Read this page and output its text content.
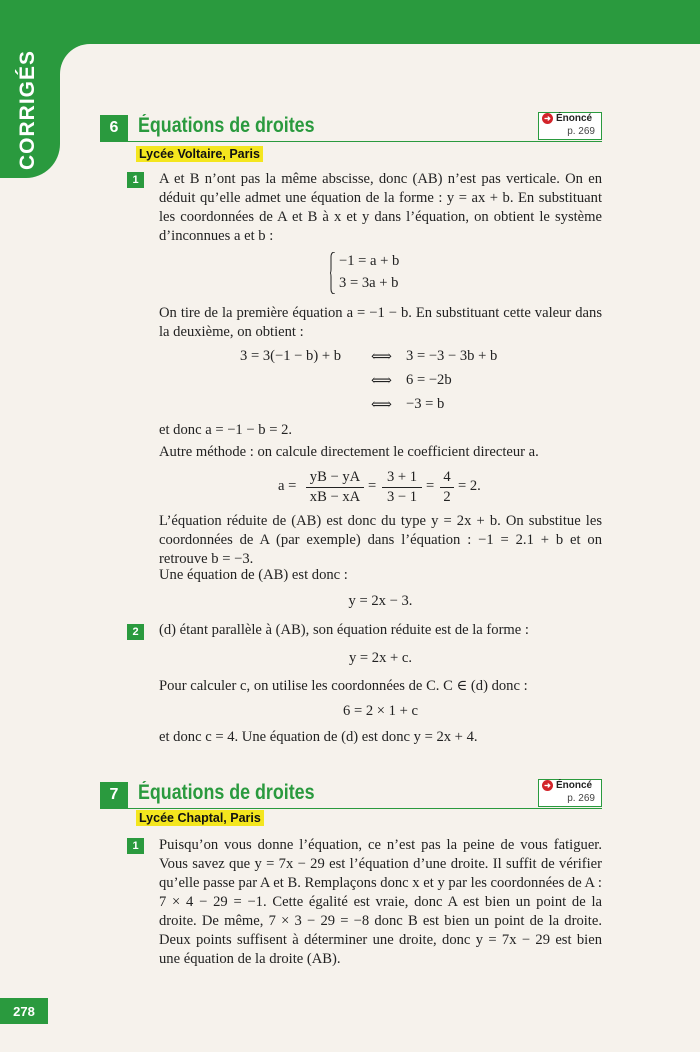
CORRIGÉS	6 Équations de droites	➜ Énoncé
p. 269
Lycée Voltaire, Paris
1	A et B n’ont pas la même abscisse, donc (AB) n’est pas verticale. On en déduit qu’elle admet une équation de la forme : y = ax + b. En substituant les coordonnées de A et B à x et y dans l’équation, on obtient le système d’inconnues a et b :
−1 = a + b
3 = 3a + b
On tire de la première équation a = −1 − b. En substituant cette valeur dans la deuxième, on obtient :
3 = 3(−1 − b) + b ⟺ 3 = −3 − 3b + b
⟺ 6 = −2b
⟺ −3 = b
et donc a = −1 − b = 2.
Autre méthode : on calcule directement le coefficient directeur a.
$a = \frac{yB - yA}{xB - xA} = \frac{3 + 1}{3 - 1} = \frac{4}{2} = 2$.
L’équation réduite de (AB) est donc du type y = 2x + b. On substitue les coordonnées de A (par exemple) dans l’équation : −1 = 2.1 + b et on retrouve b = −3.
Une équation de (AB) est donc :
y = 2x − 3.
2	(d) étant parallèle à (AB), son équation réduite est de la forme :
y = 2x + c.
Pour calculer c, on utilise les coordonnées de C. C ∈ (d) donc :
6 = 2 × 1 + c
et donc c = 4. Une équation de (d) est donc y = 2x + 4.
7 Équations de droites	➜ Énoncé
p. 269
Lycée Chaptal, Paris
1	Puisqu’on vous donne l’équation, ce n’est pas la peine de vous fatiguer. Vous savez que y = 7x − 29 est l’équation d’une droite. Il suffit de vérifier qu’elle passe par A et B. Remplaçons donc x et y par les coordonnées de A : 7 × 4 − 29 = −1. Cette égalité est vraie, donc A est bien un point de la droite. De même, 7 × 3 − 29 = −8 donc B est bien un point de la droite. Deux points suffisent à déterminer une droite, donc y = 7x − 29 est bien une équation de la droite (AB).
278
